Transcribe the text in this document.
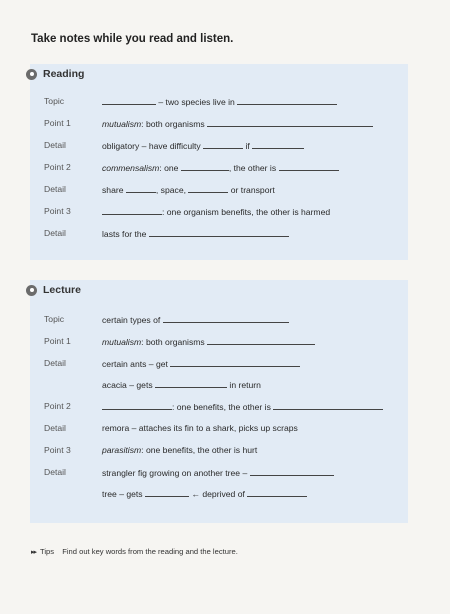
Take notes while you read and listen.
Reading
Topic	– two species live in
Point 1	mutualism: both organisms
Detail	obligatory – have difficulty	if
Point 2	commensalism: one	, the other is
Detail	share	, space,	or transport
Point 3	: one organism benefits, the other is harmed
Detail	lasts for the
Lecture
Topic	certain types of
Point 1	mutualism: both organisms
Detail	certain ants – get
acacia – gets	in return
Point 2	: one benefits, the other is
Detail	remora – attaches its fin to a shark, picks up scraps
Point 3	parasitism: one benefits, the other is hurt
Detail	strangler fig growing on another tree –
tree – gets	← deprived of
▸▸ Tips Find out key words from the reading and the lecture.
